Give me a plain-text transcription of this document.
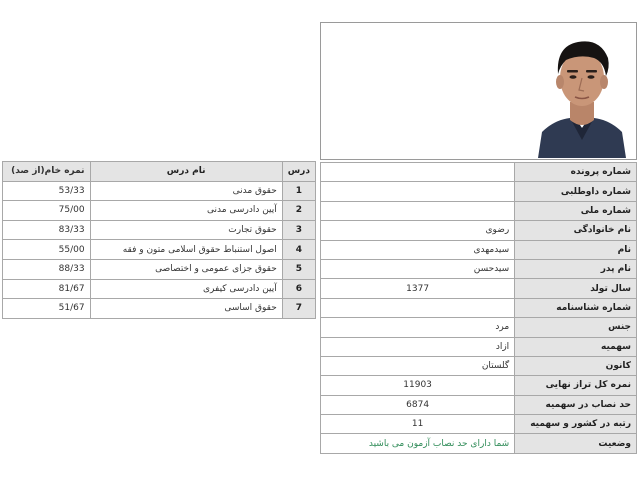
	شماره پرونده
	شماره داوطلبی
	شماره ملی
رضوی	نام خانوادگی
سیدمهدی	نام
سیدحسن	نام پدر
1377	سال تولد
	شماره شناسنامه
مرد	جنس
ازاد	سهمیه
گلستان	کانون
11903	نمره کل تراز نهایی
6874	حد نصاب در سهمیه
11	رتبه در کشور و سهمیه
شما دارای حد نصاب آزمون می باشید	وضعیت
نمره خام(از صد)	نام درس	درس
53/33	حقوق مدنی	1
75/00	آیین دادرسی مدنی	2
83/33	حقوق تجارت	3
55/00	اصول استنباط حقوق اسلامی متون و فقه	4
88/33	حقوق جزای عمومی و اختصاصی	5
81/67	آیین دادرسی کیفری	6
51/67	حقوق اساسی	7
